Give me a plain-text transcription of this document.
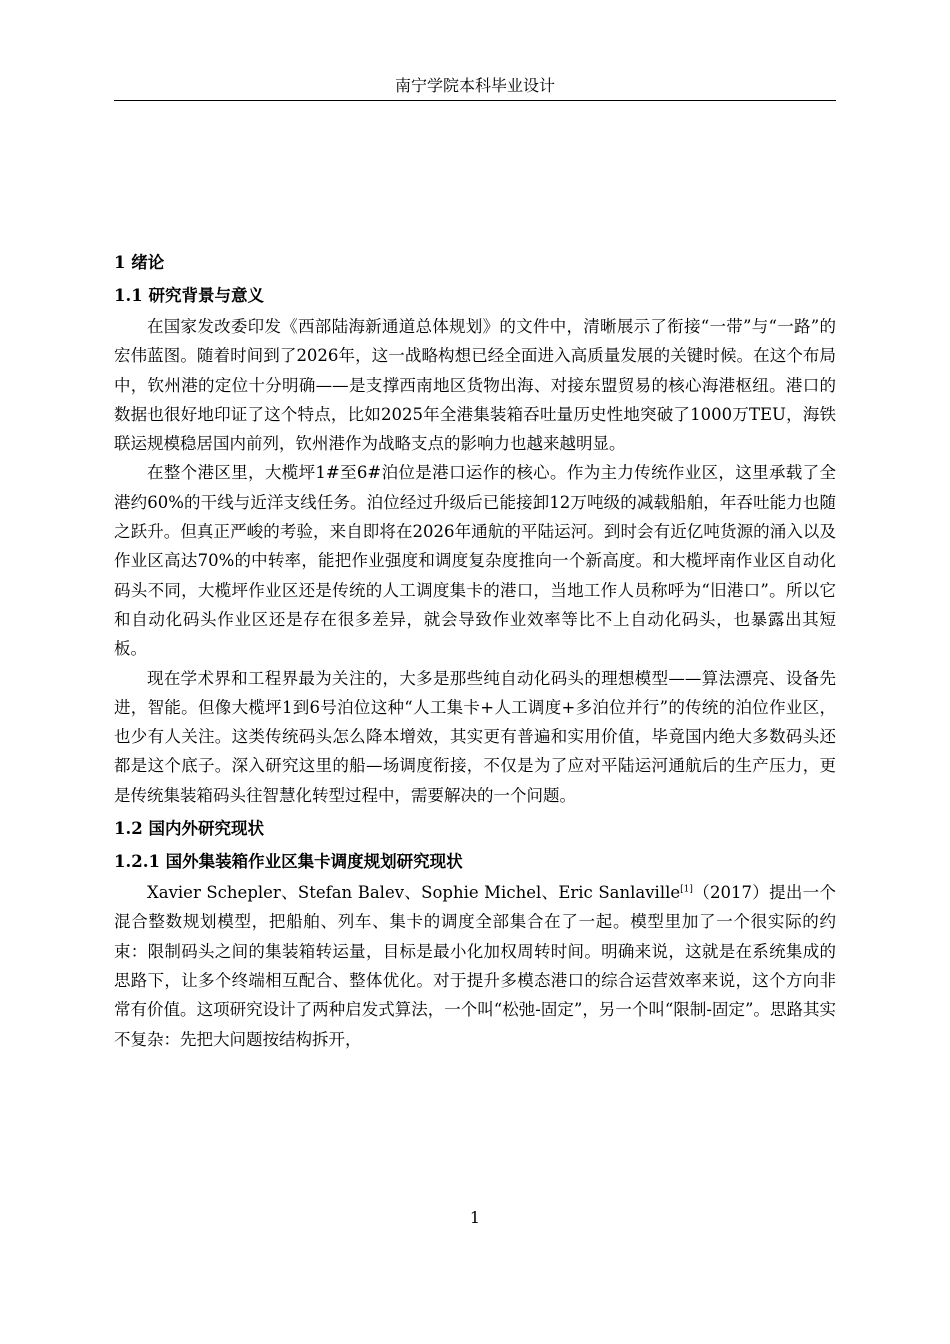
南宁学院本科毕业设计
1 绪论
1.1 研究背景与意义

在国家发改委印发《西部陆海新通道总体规划》的文件中，清晰展示了衔接“一带”与“一路”的宏伟蓝图。随着时间到了2026年，这一战略构想已经全面进入高质量发展的关键时候。在这个布局中，钦州港的定位十分明确——是支撑西南地区货物出海、对接东盟贸易的核心海港枢纽。港口的数据也很好地印证了这个特点，比如2025年全港集装箱吞吐量历史性地突破了1000万TEU，海铁联运规模稳居国内前列，钦州港作为战略支点的影响力也越来越明显。

在整个港区里，大榄坪1#至6#泊位是港口运作的核心。作为主力传统作业区，这里承载了全港约60%的干线与近洋支线任务。泊位经过升级后已能接卸12万吨级的减载船舶，年吞吐能力也随之跃升。但真正严峻的考验，来自即将在2026年通航的平陆运河。到时会有近亿吨货源的涌入以及作业区高达70%的中转率，能把作业强度和调度复杂度推向一个新高度。和大榄坪南作业区自动化码头不同，大榄坪作业区还是传统的人工调度集卡的港口，当地工作人员称呼为“旧港口”。所以它和自动化码头作业区还是存在很多差异，就会导致作业效率等比不上自动化码头，也暴露出其短板。

现在学术界和工程界最为关注的，大多是那些纯自动化码头的理想模型——算法漂亮、设备先进，智能。但像大榄坪1到6号泊位这种“人工集卡+人工调度+多泊位并行”的传统的泊位作业区，也少有人关注。这类传统码头怎么降本增效，其实更有普遍和实用价值，毕竟国内绝大多数码头还都是这个底子。深入研究这里的船—场调度衔接，不仅是为了应对平陆运河通航后的生产压力，更是传统集装箱码头往智慧化转型过程中，需要解决的一个问题。

1.2 国内外研究现状
1.2.1 国外集装箱作业区集卡调度规划研究现状

Xavier Schepler、Stefan Balev、Sophie Michel、Eric Sanlaville[1]（2017）提出一个混合整数规划模型，把船舶、列车、集卡的调度全部集合在了一起。模型里加了一个很实际的约束：限制码头之间的集装箱转运量，目标是最小化加权周转时间。明确来说，这就是在系统集成的思路下，让多个终端相互配合、整体优化。对于提升多模态港口的综合运营效率来说，这个方向非常有价值。这项研究设计了两种启发式算法，一个叫“松弛-固定”，另一个叫“限制-固定”。思路其实不复杂：先把大问题按结构拆开，

1
